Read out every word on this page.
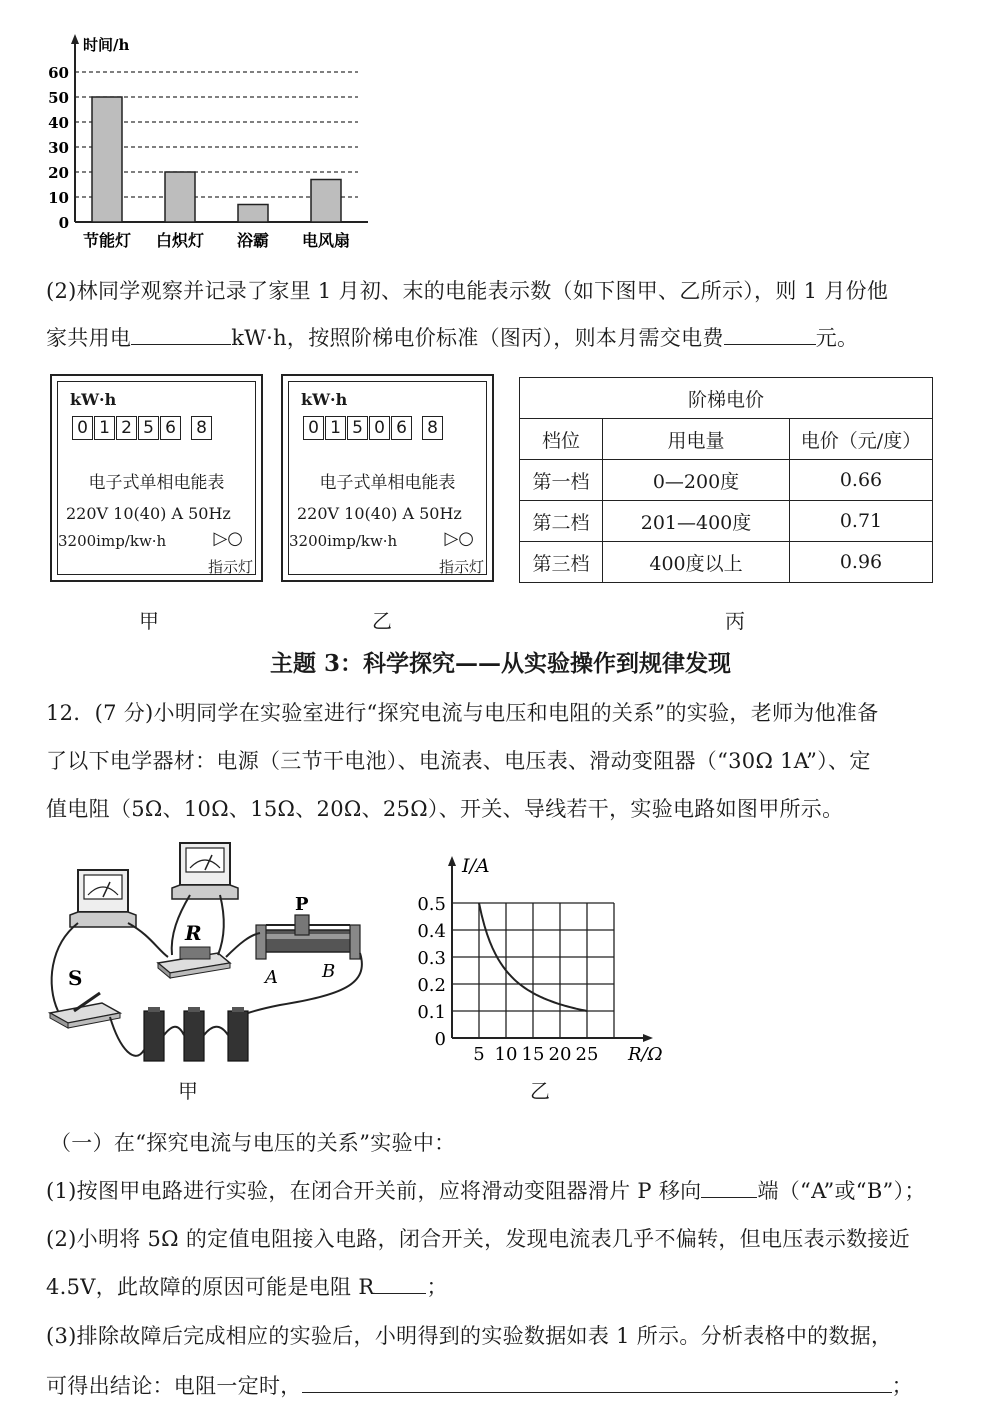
60
50
40
30
20
10
0
时间/h
节能灯 白炽灯 浴霸 电风扇
(2)林同学观察并记录了家里 1 月初、末的电能表示数（如下图甲、乙所示），则 1 月份他
家共用电	kW·h，按照阶梯电价标准（图丙），则本月需交电费	元。
kW·h
0 1 2 5 6 8
电子式单相电能表
220V 10(40) A 50Hz
3200imp/kw·h	▷○
指示灯
甲
kW·h
0 1 5 0 6 8
电子式单相电能表
220V 10(40) A 50Hz
3200imp/kw·h	▷○
指示灯
乙
阶梯电价		
档位	用电量	电价（元/度）
第一档	0—200度	0.66
第二档	201—400度	0.71
第三档	400度以上	0.96
丙
主题 3：科学探究——从实验操作到规律发现
12．(7 分)小明同学在实验室进行“探究电流与电压和电阻的关系”的实验，老师为他准备
了以下电学器材：电源（三节干电池）、电流表、电压表、滑动变阻器（“30Ω 1A”）、定
值电阻（5Ω、10Ω、15Ω、20Ω、25Ω）、开关、导线若干，实验电路如图甲所示。
R
P
A B
S
甲
I/A
R/Ω
0.5
0.4
0.3
0.2
0.1
0
5 10 15 20 25
乙
（一）在“探究电流与电压的关系”实验中：
(1)按图甲电路进行实验，在闭合开关前，应将滑动变阻器滑片 P 移向	端（“A”或“B”）；
(2)小明将 5Ω 的定值电阻接入电路，闭合开关，发现电流表几乎不偏转，但电压表示数接近
4.5V，此故障的原因可能是电阻 R ；
(3)排除故障后完成相应的实验后，小明得到的实验数据如表 1 所示。分析表格中的数据，
可得出结论：电阻一定时，	；
